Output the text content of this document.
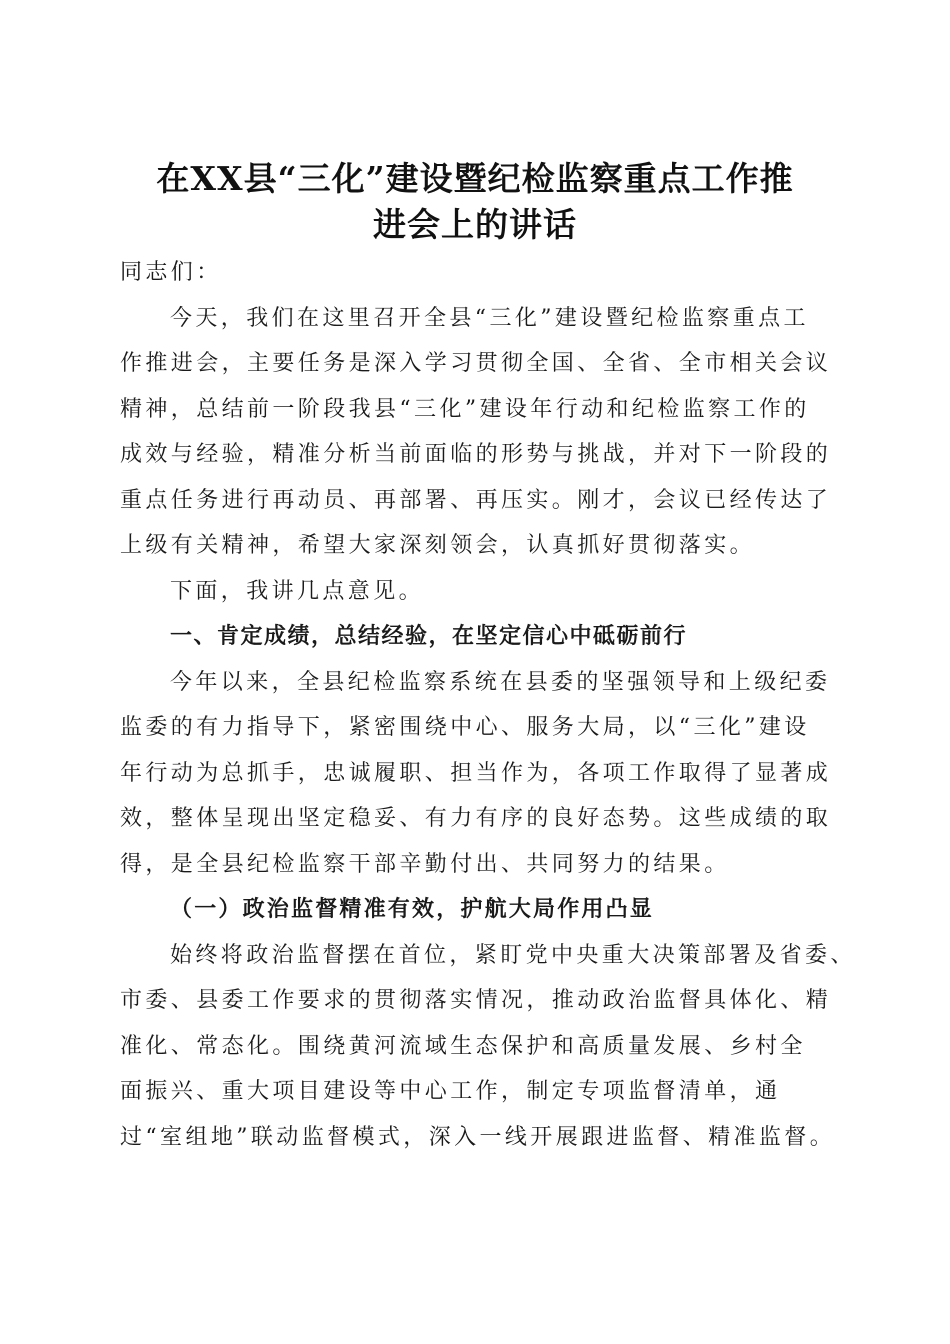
在XX县“三化”建设暨纪检监察重点工作推
进会上的讲话

同志们：

今天，我们在这里召开全县“三化”建设暨纪检监察重点工
作推进会，主要任务是深入学习贯彻全国、全省、全市相关会议
精神，总结前一阶段我县“三化”建设年行动和纪检监察工作的
成效与经验，精准分析当前面临的形势与挑战，并对下一阶段的
重点任务进行再动员、再部署、再压实。刚才，会议已经传达了
上级有关精神，希望大家深刻领会，认真抓好贯彻落实。

下面，我讲几点意见。

一、肯定成绩，总结经验，在坚定信心中砥砺前行

今年以来，全县纪检监察系统在县委的坚强领导和上级纪委
监委的有力指导下，紧密围绕中心、服务大局，以“三化”建设
年行动为总抓手，忠诚履职、担当作为，各项工作取得了显著成
效，整体呈现出坚定稳妥、有力有序的良好态势。这些成绩的取
得，是全县纪检监察干部辛勤付出、共同努力的结果。

（一）政治监督精准有效，护航大局作用凸显

始终将政治监督摆在首位，紧盯党中央重大决策部署及省委、
市委、县委工作要求的贯彻落实情况，推动政治监督具体化、精
准化、常态化。围绕黄河流域生态保护和高质量发展、乡村全
面振兴、重大项目建设等中心工作，制定专项监督清单，通
过“室组地”联动监督模式，深入一线开展跟进监督、精准监督。
